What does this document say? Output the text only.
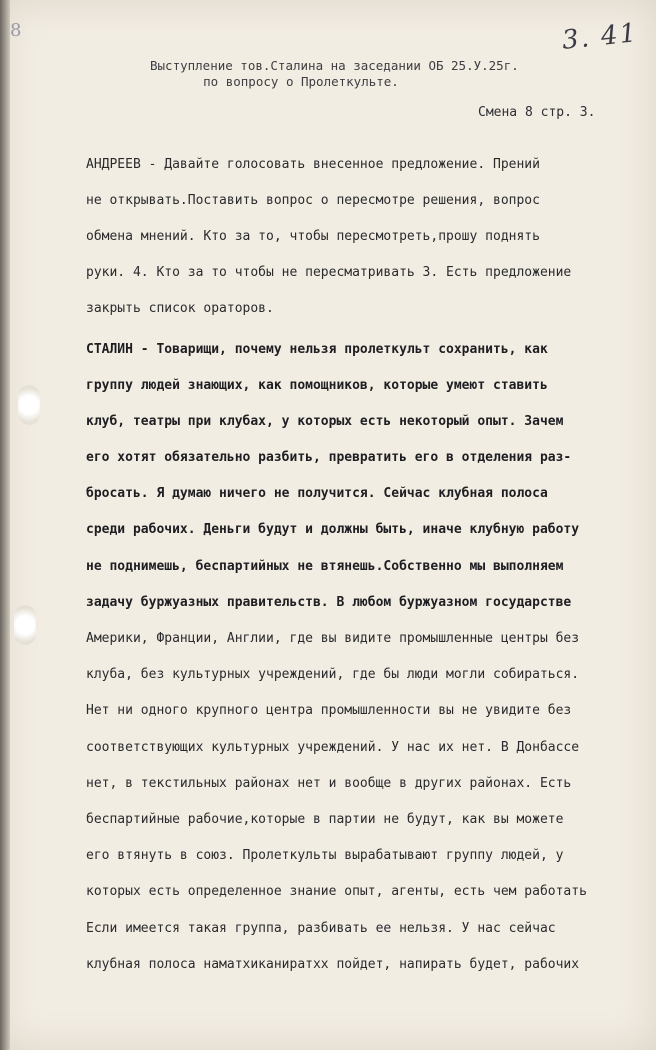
8	3. 41
Выступление тов.Сталина на заседании ОБ 25.У.25г.
по вопросу о Пролеткульте.
Смена 8 стр. 3.
АНДРЕЕВ - Давайте голосовать внесенное предложение. Прений
не открывать.Поставить вопрос о пересмотре решения, вопрос
обмена мнений. Кто за то, чтобы пересмотреть,прошу поднять
руки. 4. Кто за то чтобы не пересматривать 3. Есть предложение
закрыть список ораторов.
СТАЛИН - Товарищи, почему нельзя пролеткульт сохранить, как
группу людей знающих, как помощников, которые умеют ставить
клуб, театры при клубах, у которых есть некоторый опыт. Зачем
его хотят обязательно разбить, превратить его в отделения раз-
бросать. Я думаю ничего не получится. Сейчас клубная полоса
среди рабочих. Деньги будут и должны быть, иначе клубную работу
не поднимешь, беспартийных не втянешь.Собственно мы выполняем
задачу буржуазных правительств. В любом буржуазном государстве
Америки, Франции, Англии, где вы видите промышленные центры без
клуба, без культурных учреждений, где бы люди могли собираться.
Нет ни одного крупного центра промышленности вы не увидите без
соответствующих культурных учреждений. У нас их нет. В Донбассе
нет, в текстильных районах нет и вообще в других районах. Есть
беспартийные рабочие,которые в партии не будут, как вы можете
его втянуть в союз. Пролеткульты вырабатывают группу людей, у
которых есть определенное знание опыт, агенты, есть чем работать
Если имеется такая группа, разбивать ее нельзя. У нас сейчас
клубная полоса наматхиканиратхх пойдет, напирать будет, рабочих
